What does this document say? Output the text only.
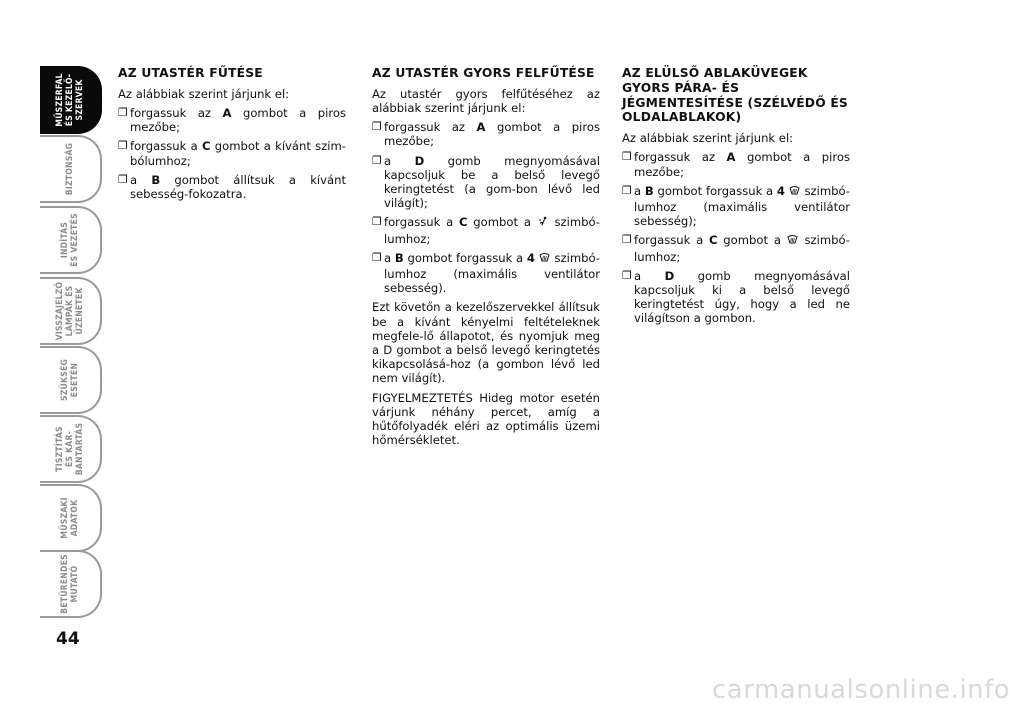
MŰSZERFAL
ÉS KEZELŐ-
SZERVEK
BIZTONSÁG
INDÍTÁS
ÉS VEZETÉS
VISSZAJELZŐ
LÁMPÁK ÉS
ÜZENETEK
SZÜKSÉG
ESETÉN
TISZTÍTÁS
ÉS KAR-
BANTARTÁS
MŰSZAKI
ADATOK
BETŰRENDES
MUTATÓ
44
AZ UTASTÉR FŰTÉSE

Az alábbiak szerint járjunk el:

❐ forgassuk az A gombot a piros mezőbe;
❐ forgassuk a C gombot a kívánt szim-bólumhoz;
❐ a B gombot állítsuk a kívánt sebesség-fokozatra.
AZ UTASTÉR GYORS FELFŰTÉSE

Az utastér gyors felfűtéséhez az alábbiak szerint járjunk el:

❐ forgassuk az A gombot a piros mezőbe;
❐ a D gomb megnyomásával kapcsoljuk be a belső levegő keringtetést (a gom-bon lévő led világít);
❐ forgassuk a C gombot a  szimbó-lumhoz;
❐ a B gombot forgassuk a 4  szimbó-lumhoz (maximális ventilátor sebesség).

Ezt követőn a kezelőszervekkel állítsuk be a kívánt kényelmi feltételeknek megfele-lő állapotot, és nyomjuk meg a D gombot a belső levegő keringtetés kikapcsolásá-hoz (a gombon lévő led nem világít).

FIGYELMEZTETÉS Hideg motor esetén várjunk néhány percet, amíg a hűtőfolyadék eléri az optimális üzemi hőmérsékletet.

AZ ELÜLSŐ ABLAKÜVEGEK GYORS PÁRA- ÉS JÉGMENTESÍTÉSE (SZÉLVÉDŐ ÉS OLDALABLAKOK)

Az alábbiak szerint járjunk el:

❐ forgassuk az A gombot a piros mezőbe;
❐ a B gombot forgassuk a 4  szimbó-lumhoz (maximális ventilátor sebesség);
❐ forgassuk a C gombot a  szimbó-lumhoz;
❐ a D gomb megnyomásával kapcsoljuk ki a belső levegő keringtetést úgy, hogy a led ne világítson a gombon.
carmanualsonline.info
